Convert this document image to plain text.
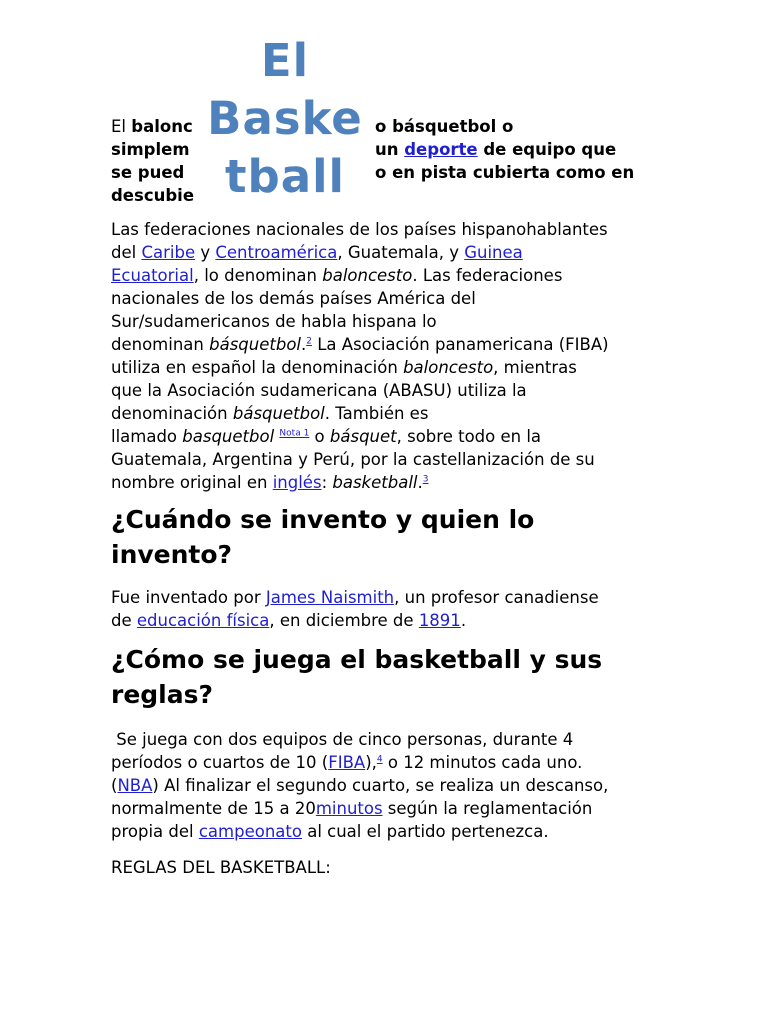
El balonc	o básquetbol o
simplem	un deporte de equipo que
se pued	o en pista cubierta como en
descubie
El
Baske
tball
Las federaciones nacionales de los países hispanohablantes
del Caribe y Centroamérica, Guatemala, y Guinea
Ecuatorial, lo denominan baloncesto. Las federaciones
nacionales de los demás países América del
Sur/sudamericanos de habla hispana lo
denominan básquetbol.$^2$ La Asociación panamericana (FIBA)
utiliza en español la denominación baloncesto, mientras
que la Asociación sudamericana (ABASU) utiliza la
denominación básquetbol. También es
llamado basquetbol $^{Nota 1}$ o básquet, sobre todo en la
Guatemala, Argentina y Perú, por la castellanización de su
nombre original en inglés: basketball.$^3$
¿Cuándo se invento y quien lo
invento?
Fue inventado por James Naismith, un profesor canadiense
de educación física, en diciembre de 1891.
¿Cómo se juega el basketball y sus
reglas?
Se juega con dos equipos de cinco personas, durante 4
períodos o cuartos de 10 (FIBA),$^4$ o 12 minutos cada uno.
(NBA) Al finalizar el segundo cuarto, se realiza un descanso,
normalmente de 15 a 20minutos según la reglamentación
propia del campeonato al cual el partido pertenezca.
REGLAS DEL BASKETBALL:
